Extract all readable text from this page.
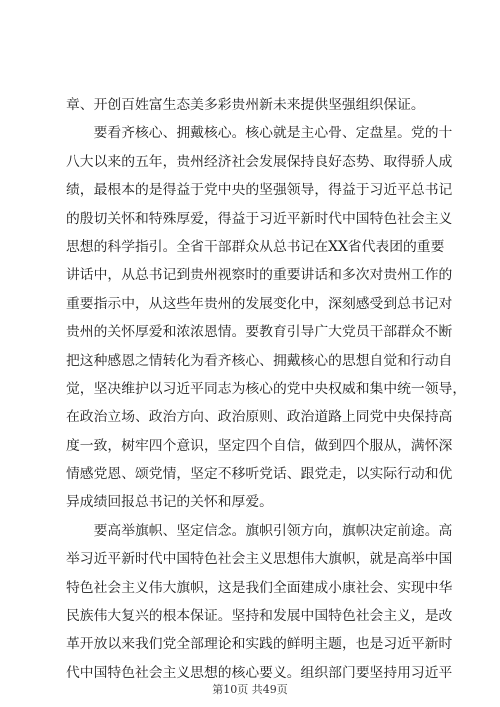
章、开创百姓富生态美多彩贵州新未来提供坚强组织保证。

要 看 齐 核 心 、 拥 戴 核 心 。 核 心 就 是 主 心 骨 、 定 盘 星 。 党 的 十
八 大 以 来 的 五 年 ， 贵 州 经 济 社 会 发 展 保 持 良 好 态 势 、 取 得 骄 人 成
绩 ， 最 根 本 的 是 得 益 于 党 中 央 的 坚 强 领 导 ， 得 益 于 习 近 平 总 书 记
的 殷 切 关 怀 和 特 殊 厚 爱 ， 得 益 于 习 近 平 新 时 代 中 国 特 色 社 会 主 义
思 想 的 科 学 指 引 。 全 省 干 部 群 众 从 总 书 记 在 X X 省 代 表 团 的 重 要
讲 话 中 ， 从 总 书 记 到 贵 州 视 察 时 的 重 要 讲 话 和 多 次 对 贵 州 工 作 的
重 要 指 示 中 ， 从 这 些 年 贵 州 的 发 展 变 化 中 ， 深 刻 感 受 到 总 书 记 对
贵 州 的 关 怀 厚 爱 和 浓 浓 恩 情 。 要 教 育 引 导 广 大 党 员 干 部 群 众 不 断
把 这 种 感 恩 之 情 转 化 为 看 齐 核 心 、 拥 戴 核 心 的 思 想 自 觉 和 行 动 自
觉 ， 坚 决 维 护 以 习 近 平 同 志 为 核 心 的 党 中 央 权 威 和 集 中 统 一 领 导 ，
在 政 治 立 场 、 政 治 方 向 、 政 治 原 则 、 政 治 道 路 上 同 党 中 央 保 持 高
度 一 致 ， 树 牢 四 个 意 识 ， 坚 定 四 个 自 信 ， 做 到 四 个 服 从 ， 满 怀 深
情 感 党 恩 、 颂 党 情 ， 坚 定 不 移 听 党 话 、 跟 党 走 ， 以 实 际 行 动 和 优
异成绩回报总书记的关怀和厚爱。

要 高 举 旗 帜 、 坚 定 信 念 。 旗 帜 引 领 方 向 ， 旗 帜 决 定 前 途 。 高
举 习 近 平 新 时 代 中 国 特 色 社 会 主 义 思 想 伟 大 旗 帜 ， 就 是 高 举 中 国
特 色 社 会 主 义 伟 大 旗 帜 ， 这 是 我 们 全 面 建 成 小 康 社 会 、 实 现 中 华
民 族 伟 大 复 兴 的 根 本 保 证 。 坚 持 和 发 展 中 国 特 色 社 会 主 义 ， 是 改
革 开 放 以 来 我 们 党 全 部 理 论 和 实 践 的 鲜 明 主 题 ， 也 是 习 近 平 新 时
代 中 国 特 色 社 会 主 义 思 想 的 核 心 要 义 。 组 织 部 门 要 坚 持 用 习 近 平
第10页 共49页
